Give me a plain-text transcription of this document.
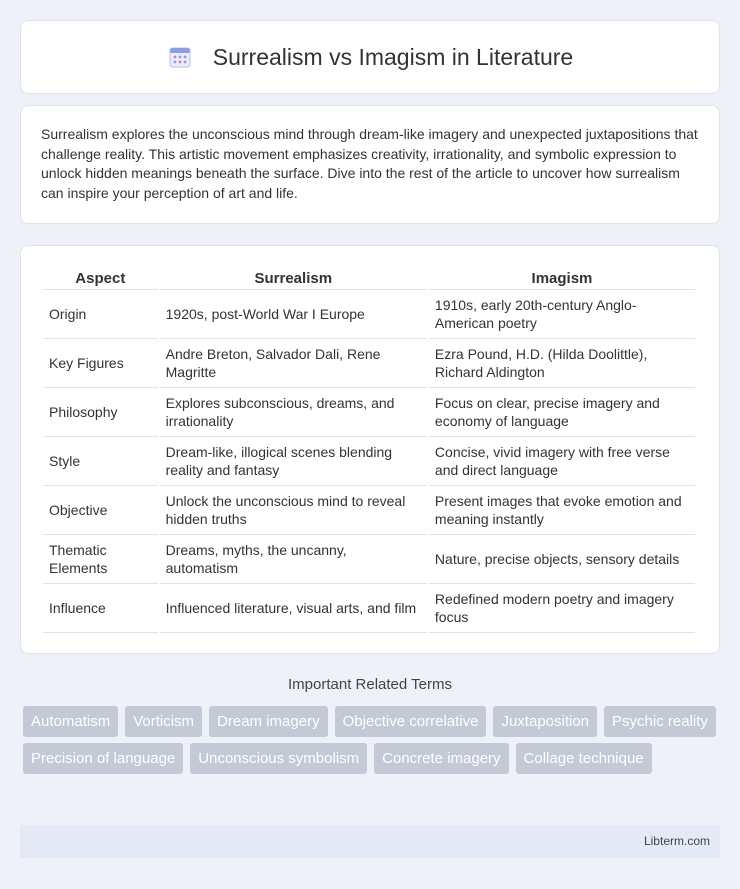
Surrealism vs Imagism in Literature

Surrealism explores the unconscious mind through dream-like imagery and unexpected juxtapositions that challenge reality. This artistic movement emphasizes creativity, irrationality, and symbolic expression to unlock hidden meanings beneath the surface. Dive into the rest of the article to uncover how surrealism can inspire your perception of art and life.

Aspect	Surrealism	Imagism
Origin	1920s, post-World War I Europe	1910s, early 20th-century Anglo-American poetry
Key Figures	Andre Breton, Salvador Dali, Rene Magritte	Ezra Pound, H.D. (Hilda Doolittle), Richard Aldington
Philosophy	Explores subconscious, dreams, and irrationality	Focus on clear, precise imagery and economy of language
Style	Dream-like, illogical scenes blending reality and fantasy	Concise, vivid imagery with free verse and direct language
Objective	Unlock the unconscious mind to reveal hidden truths	Present images that evoke emotion and meaning instantly
Thematic Elements	Dreams, myths, the uncanny, automatism	Nature, precise objects, sensory details
Influence	Influenced literature, visual arts, and film	Redefined modern poetry and imagery focus
Important Related Terms
Automatism	Vorticism	Dream imagery	Objective correlative	Juxtaposition	Psychic reality
Precision of language	Unconscious symbolism	Concrete imagery	Collage technique
Libterm.com
